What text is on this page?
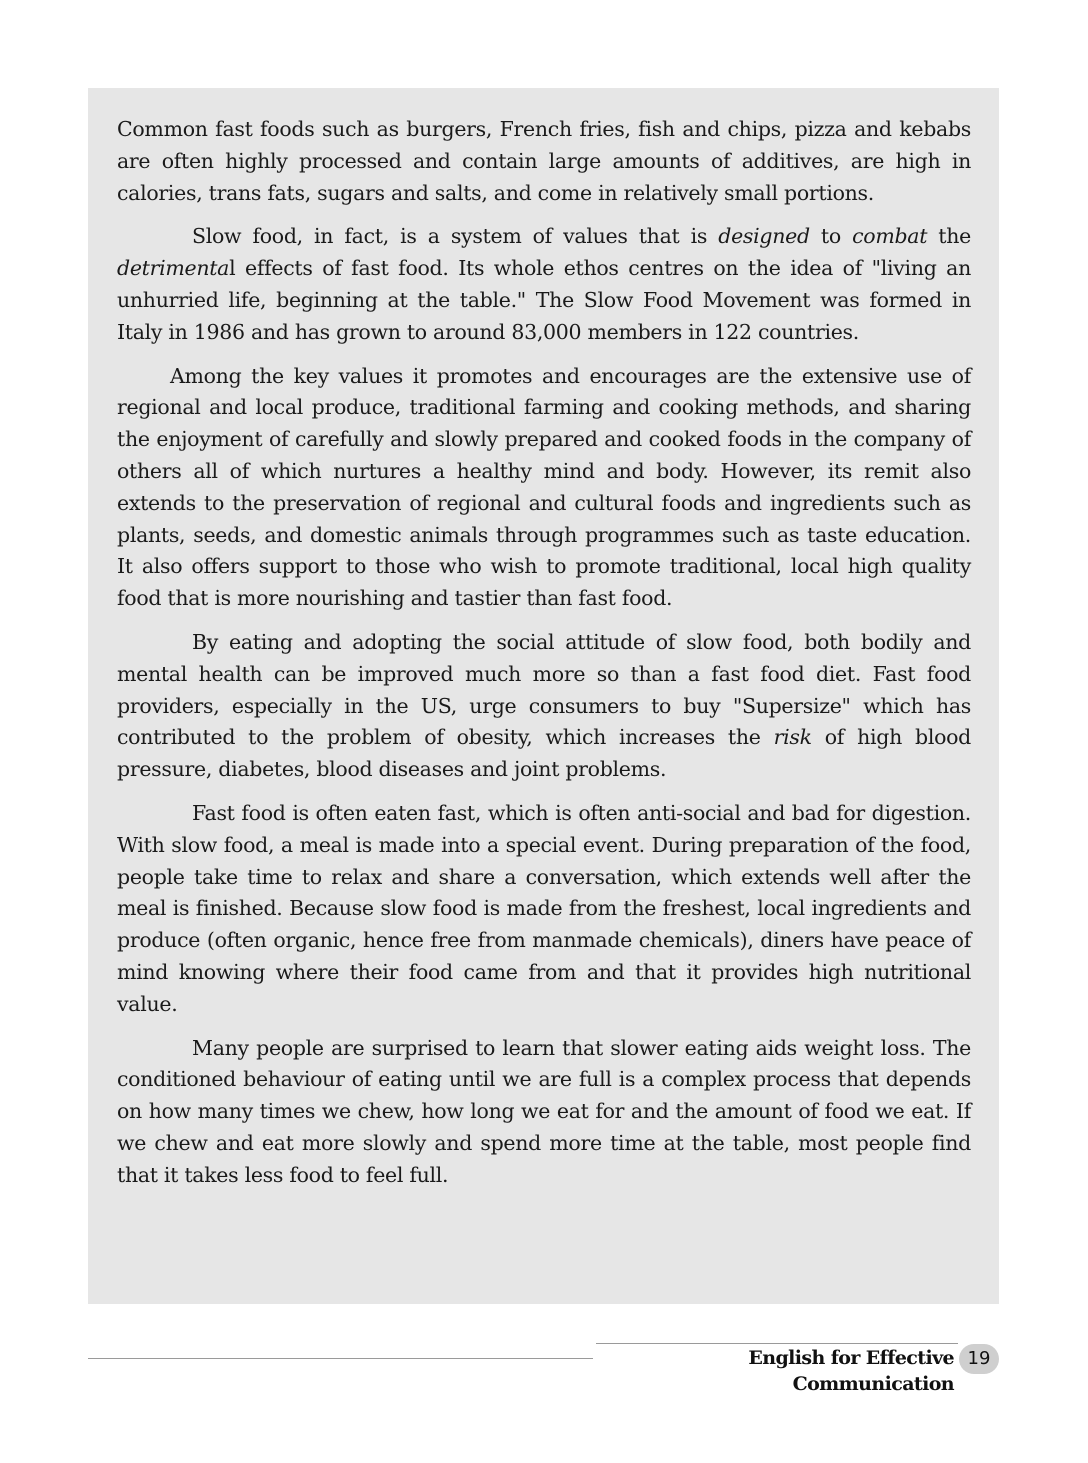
Common fast foods such as burgers, French fries, fish and chips, pizza and kebabs are often highly processed and contain large amounts of additives, are high in calories, trans fats, sugars and salts, and come in relatively small portions.

Slow food, in fact, is a system of values that is designed to combat the detrimental effects of fast food. Its whole ethos centres on the idea of "living an unhurried life, beginning at the table." The Slow Food Movement was formed in Italy in 1986 and has grown to around 83,000 members in 122 countries.

Among the key values it promotes and encourages are the extensive use of regional and local produce, traditional farming and cooking methods, and sharing the enjoyment of carefully and slowly prepared and cooked foods in the company of others all of which nurtures a healthy mind and body. However, its remit also extends to the preservation of regional and cultural foods and ingredients such as plants, seeds, and domestic animals through programmes such as taste education. It also offers support to those who wish to promote traditional, local high quality food that is more nourishing and tastier than fast food.

By eating and adopting the social attitude of slow food, both bodily and mental health can be improved much more so than a fast food diet. Fast food providers, especially in the US, urge consumers to buy "Supersize" which has contributed to the problem of obesity, which increases the risk of high blood pressure, diabetes, blood diseases and joint problems.

Fast food is often eaten fast, which is often anti-social and bad for digestion. With slow food, a meal is made into a special event. During preparation of the food, people take time to relax and share a conversation, which extends well after the meal is finished. Because slow food is made from the freshest, local ingredients and produce (often organic, hence free from manmade chemicals), diners have peace of mind knowing where their food came from and that it provides high nutritional value.

Many people are surprised to learn that slower eating aids weight loss. The conditioned behaviour of eating until we are full is a complex process that depends on how many times we chew, how long we eat for and the amount of food we eat. If we chew and eat more slowly and spend more time at the table, most people find that it takes less food to feel full.

English for Effective Communication
19
